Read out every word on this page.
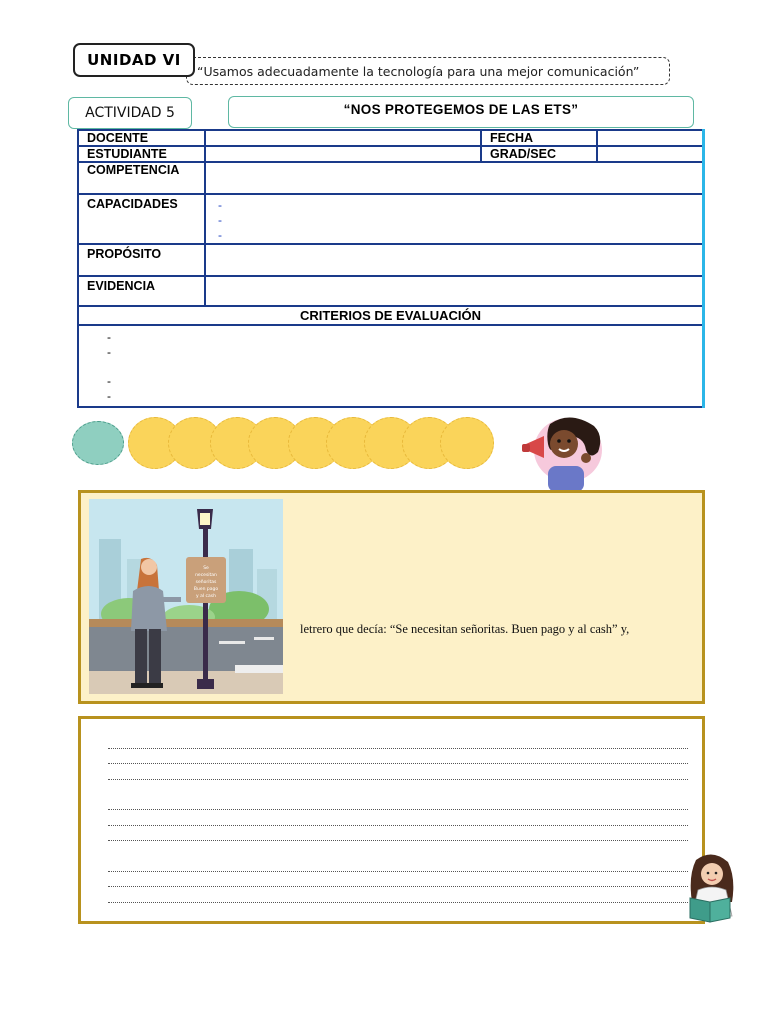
“Usamos adecuadamente la tecnología para una mejor comunicación”
UNIDAD VI
ACTIVIDAD 5	“NOS PROTEGEMOS DE LAS ETS”
DOCENTE		FECHA	
ESTUDIANTE		GRAD/SEC	
COMPETENCIA			
CAPACIDADES	-
-
-		

PROPÓSITO			
EVIDENCIA			
CRITERIOS DE EVALUACIÓN			

-
-
-
-			
Se
necesitan
señoritas
Buen pago
y al cash
letrero que decía: “Se necesitan señoritas. Buen pago y al cash” y,
